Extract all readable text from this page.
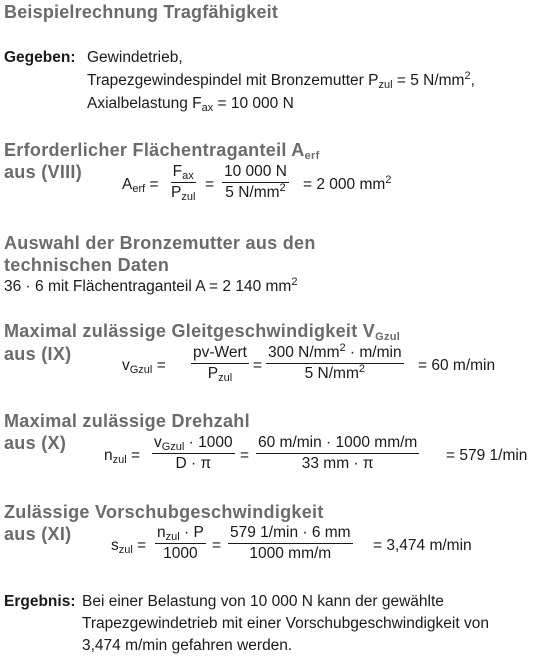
Beispielrechnung Tragfähigkeit
Gegeben: Gewindetrieb,
Trapezgewindespindel mit Bronzemutter $P_{zul} = 5$ $N/mm^2$,
Axialbelastung $F_{ax} = 10$ 000 N
Erforderlicher Flächentraganteil $A_{erf}$
aus (VIII)
$A_{erf}$ =
$F_{ax}$
$P_{zul}$
= $\frac{10 000 N}{5 N/mm^2} = 2$ 000 $mm^2$
Auswahl der Bronzemutter aus den
technischen Daten
36 · 6 mit Flächentraganteil A = 2 140 $mm^2$
Maximal zulässige Gleitgeschwindigkeit $V_{Gzul}$
aus (IX)
$v_{Gzul}$ =
pv-Wert
$P_{zul}$
=
300 $N/mm^2 \cdot m/\min$
5 $N/mm^2$	= 60 m/min
Maximal zulässige Drehzahl
aus (X)
$n_{zul}$ =
$v_{Gzul} \cdot 1000$
D · π =
60 m/min · 1000 mm/m
33 mm · π	= 579 1/min
Zulässige Vorschubgeschwindigkeit
aus (XI)
$s_{zul}$ =
$n_{zul} \cdot P$
1000 =
579 1/min · 6 mm
1000 mm/m	= 3,474 m/min
Ergebnis: Bei einer Belastung von 10 000 N kann der gewählte
Trapezgewindetrieb mit einer Vorschubgeschwindigkeit von
3,474 m/min gefahren werden.
